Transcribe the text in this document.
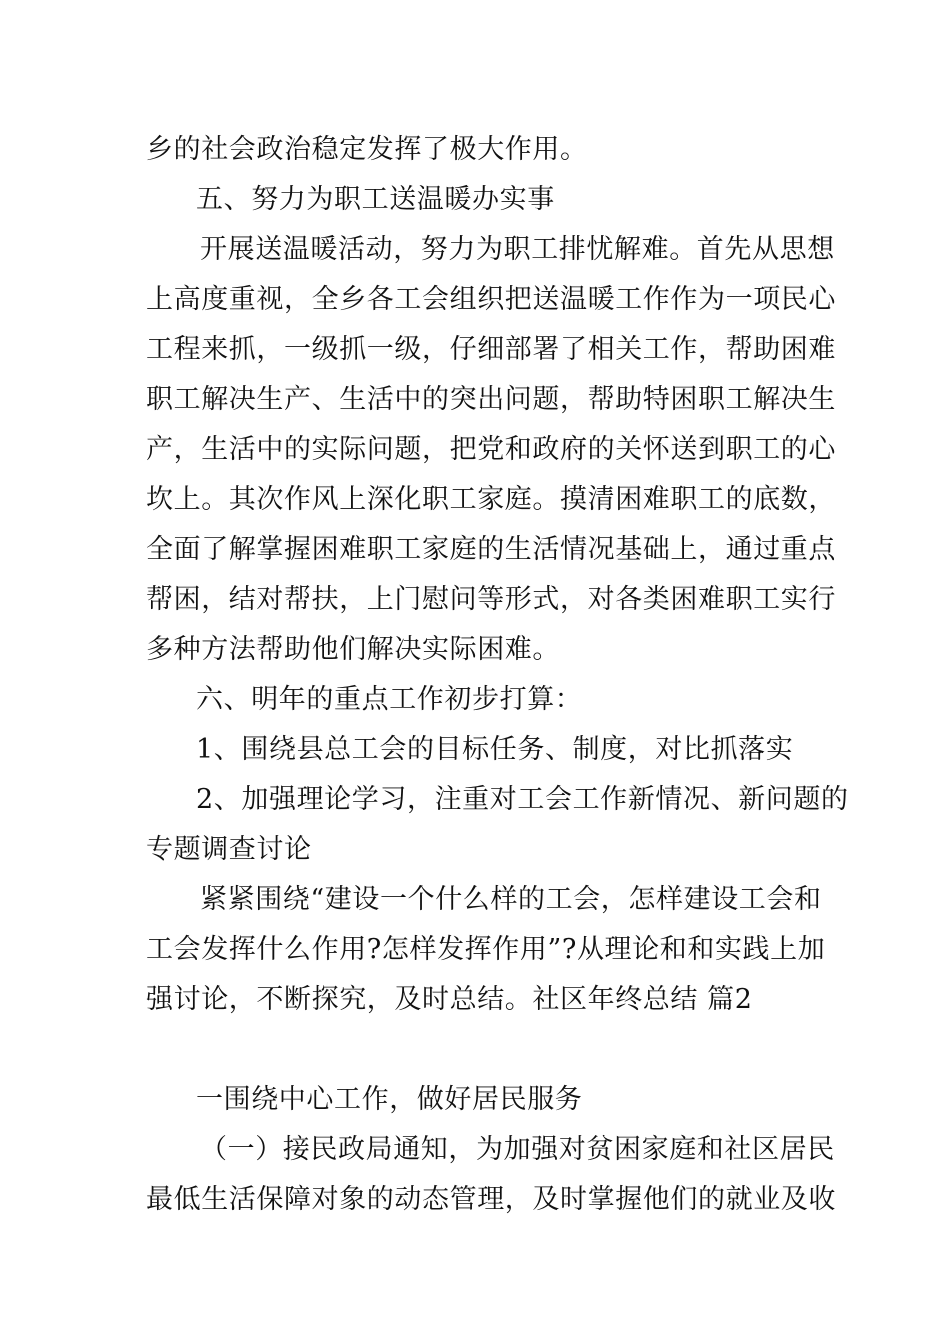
乡的社会政治稳定发挥了极大作用。
五、努力为职工送温暖办实事
开展送温暖活动，努力为职工排忧解难。首先从思想
上高度重视，全乡各工会组织把送温暖工作作为一项民心
工程来抓，一级抓一级，仔细部署了相关工作，帮助困难
职工解决生产、生活中的突出问题，帮助特困职工解决生
产，生活中的实际问题，把党和政府的关怀送到职工的心
坎上。其次作风上深化职工家庭。摸清困难职工的底数，
全面了解掌握困难职工家庭的生活情况基础上，通过重点
帮困，结对帮扶，上门慰问等形式，对各类困难职工实行
多种方法帮助他们解决实际困难。
六、明年的重点工作初步打算：
1、围绕县总工会的目标任务、制度，对比抓落实
2、加强理论学习，注重对工会工作新情况、新问题的
专题调查讨论
紧紧围绕“建设一个什么样的工会，怎样建设工会和
工会发挥什么作用?怎样发挥作用”?从理论和和实践上加
强讨论，不断探究，及时总结。社区年终总结 篇2
一围绕中心工作，做好居民服务
（一）接民政局通知，为加强对贫困家庭和社区居民
最低生活保障对象的动态管理，及时掌握他们的就业及收
